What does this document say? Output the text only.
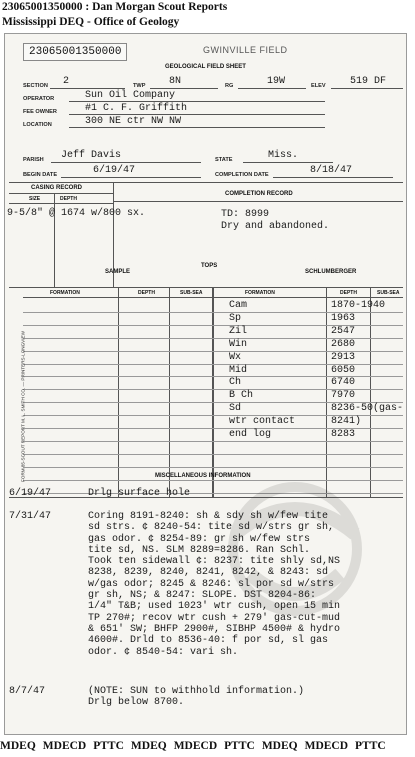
23065001350000 : Dan Morgan Scout Reports
Mississippi DEQ - Office of Geology
23065001350000	GWINVILLE FIELD
GEOLOGICAL FIELD SHEET
SECTION 2	TWP 8N	RG	19W	ELEV 519 DF
OPERATOR	Sun Oil Company
FEE OWNER	#1 C. F. Griffith
LOCATION	300 NE ctr NW NW
PARISH Jeff Davis	STATE	Miss.
BEGIN DATE	6/19/47	COMPLETION DATE	8/18/47
CASING RECORD
COMPLETION RECORD
SIZE	DEPTH
9-5/8" @ 1674 w/800 sx.	TD: 8999
Dry and abandoned.
TOPS
SAMPLE	SCHLUMBERGER
FORMATION	DEPTH	SUB-SEA	FORMATION	DEPTH	SUB-SEA
Cam	1870-1940
Sp	1963
Zil	2547
Win	2680
Wx	2913
Mid	6050
Ch	6740
B Ch	7970
Sd	8236-50(gas-
wtr contact	8241)
end log	8283
FORM 85-SCOUT REPORT M. L. SMITH CO. — PRINTERS-LONGVIEW	MISCELLANEOUS INFORMATION
6/19/47	Drlg surface hole
7/31/47	Coring 8191-8240: sh & sdy sh w/few tite
sd strs. ¢ 8240-54: tite sd w/strs gr sh,
gas odor. ¢ 8254-89: gr sh w/few strs
tite sd, NS. SLM 8289=8286. Ran Schl.
Took ten sidewall ¢: 8237: tite shly sd,NS
8238, 8239, 8240, 8241, 8242, & 8243: sd
w/gas odor; 8245 & 8246: sl por sd w/strs
gr sh, NS; & 8247: SLOPE. DST 8204-86:
1/4" T&B; used 1023' wtr cush, open 15 min
TP 270#; recov wtr cush + 279' gas-cut-mud
& 651' SW; BHFP 2900#, SIBHP 4500# & hydro
4600#. Drld to 8536-40: f por sd, sl gas
odor. ¢ 8540-54: vari sh.
8/7/47	(NOTE: SUN to withhold information.)
Drlg below 8700.
MDEQ MDECD PTTC MDEQ MDECD PTTC MDEQ MDECD PTTC
